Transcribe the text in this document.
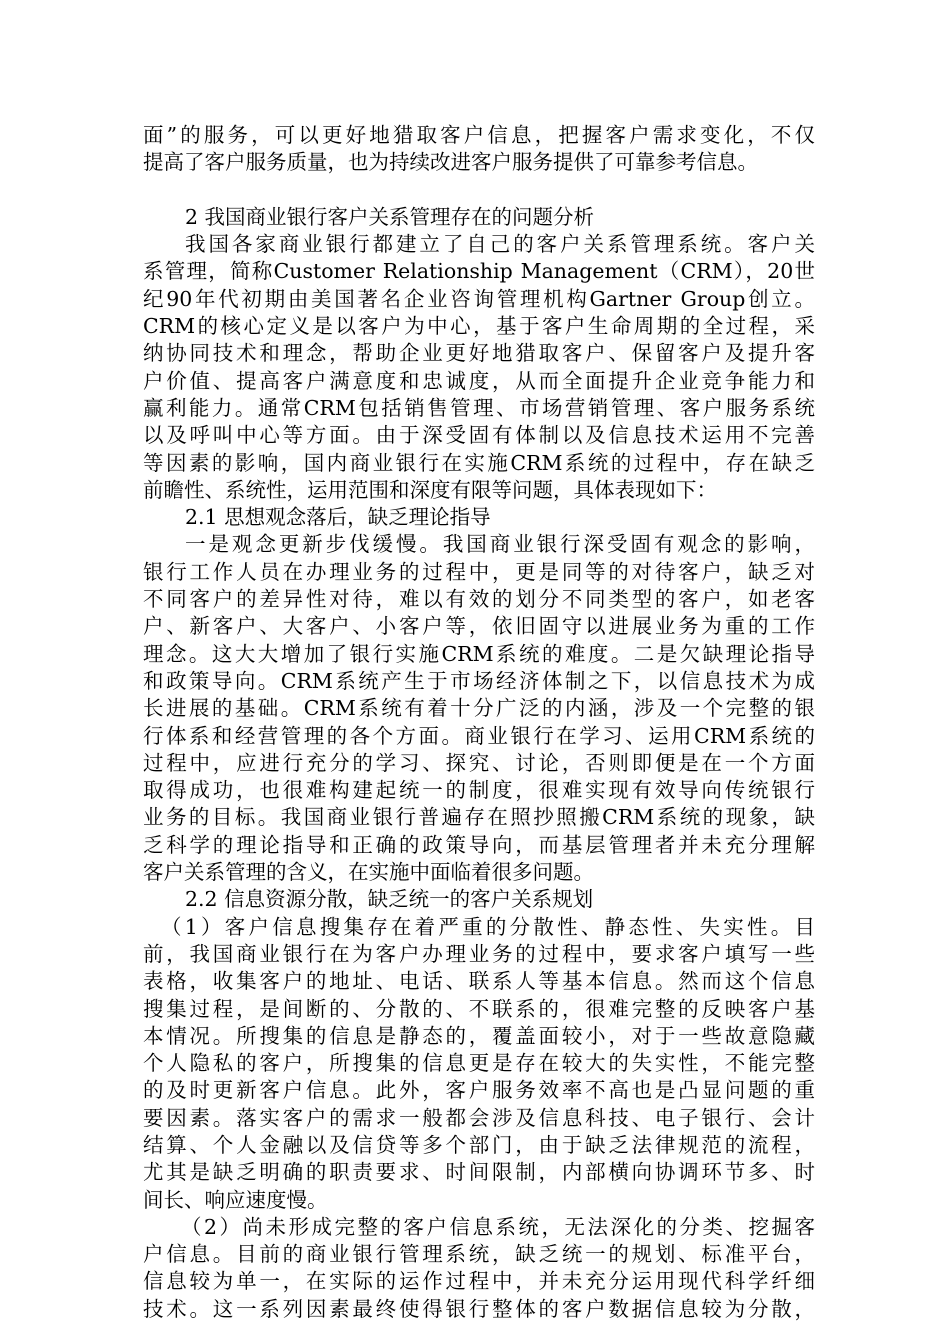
面”的服务，可以更好地猎取客户信息，把握客户需求变化，不仅
提高了客户服务质量，也为持续改进客户服务提供了可靠参考信息。
2 我国商业银行客户关系管理存在的问题分析
我国各家商业银行都建立了自己的客户关系管理系统。客户关
系管理，简称Customer Relationship Management（CRM），20世
纪90年代初期由美国著名企业咨询管理机构Gartner Group创立。
CRM的核心定义是以客户为中心，基于客户生命周期的全过程，采
纳协同技术和理念，帮助企业更好地猎取客户、保留客户及提升客
户价值、提高客户满意度和忠诚度，从而全面提升企业竞争能力和
赢利能力。通常CRM包括销售管理、市场营销管理、客户服务系统
以及呼叫中心等方面。由于深受固有体制以及信息技术运用不完善
等因素的影响，国内商业银行在实施CRM系统的过程中，存在缺乏
前瞻性、系统性，运用范围和深度有限等问题，具体表现如下：
2.1 思想观念落后，缺乏理论指导
一是观念更新步伐缓慢。我国商业银行深受固有观念的影响，
银行工作人员在办理业务的过程中，更是同等的对待客户，缺乏对
不同客户的差异性对待，难以有效的划分不同类型的客户，如老客
户、新客户、大客户、小客户等，依旧固守以进展业务为重的工作
理念。这大大增加了银行实施CRM系统的难度。二是欠缺理论指导
和政策导向。CRM系统产生于市场经济体制之下，以信息技术为成
长进展的基础。CRM系统有着十分广泛的内涵，涉及一个完整的银
行体系和经营管理的各个方面。商业银行在学习、运用CRM系统的
过程中，应进行充分的学习、探究、讨论，否则即便是在一个方面
取得成功，也很难构建起统一的制度，很难实现有效导向传统银行
业务的目标。我国商业银行普遍存在照抄照搬CRM系统的现象，缺
乏科学的理论指导和正确的政策导向，而基层管理者并未充分理解
客户关系管理的含义，在实施中面临着很多问题。
2.2 信息资源分散，缺乏统一的客户关系规划
（1）客户信息搜集存在着严重的分散性、静态性、失实性。目
前，我国商业银行在为客户办理业务的过程中，要求客户填写一些
表格，收集客户的地址、电话、联系人等基本信息。然而这个信息
搜集过程，是间断的、分散的、不联系的，很难完整的反映客户基
本情况。所搜集的信息是静态的，覆盖面较小，对于一些故意隐藏
个人隐私的客户，所搜集的信息更是存在较大的失实性，不能完整
的及时更新客户信息。此外，客户服务效率不高也是凸显问题的重
要因素。落实客户的需求一般都会涉及信息科技、电子银行、会计
结算、个人金融以及信贷等多个部门，由于缺乏法律规范的流程，
尤其是缺乏明确的职责要求、时间限制，内部横向协调环节多、时
间长、响应速度慢。
（2）尚未形成完整的客户信息系统，无法深化的分类、挖掘客
户信息。目前的商业银行管理系统，缺乏统一的规划、标准平台，
信息较为单一，在实际的运作过程中，并未充分运用现代科学纤细
技术。这一系列因素最终使得银行整体的客户数据信息较为分散，
